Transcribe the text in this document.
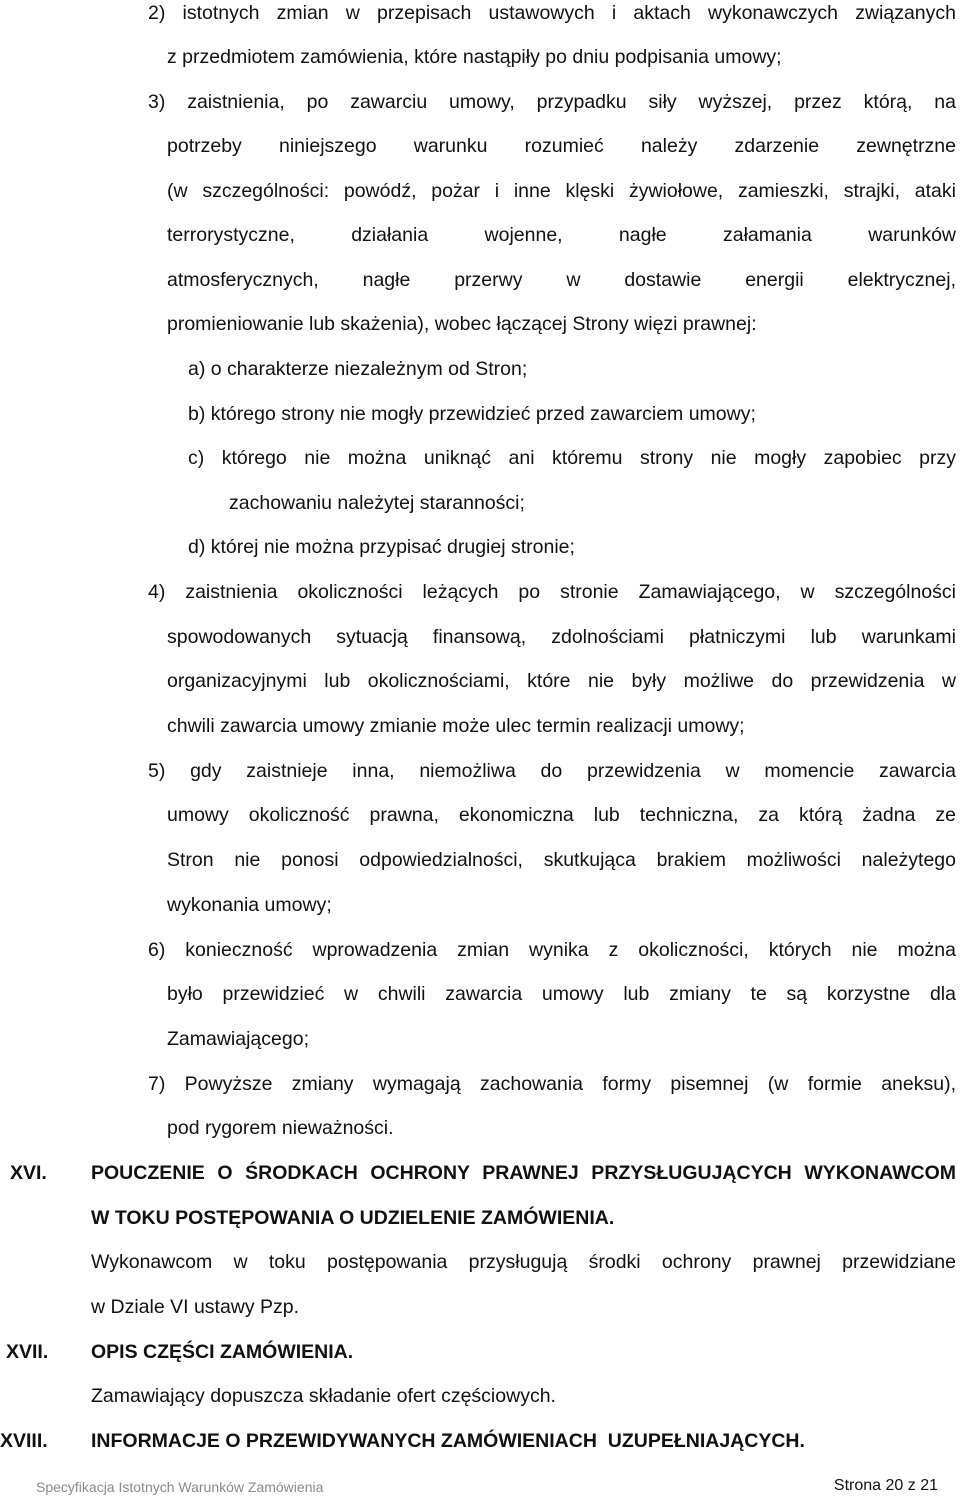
2) istotnych zmian w przepisach ustawowych i aktach wykonawczych związanych
z przedmiotem zamówienia, które nastąpiły po dniu podpisania umowy;
3) zaistnienia, po zawarciu umowy, przypadku siły wyższej, przez którą, na
potrzeby niniejszego warunku rozumieć należy zdarzenie zewnętrzne
(w szczególności: powódź, pożar i inne klęski żywiołowe, zamieszki, strajki, ataki
terrorystyczne, działania wojenne, nagłe załamania warunków
atmosferycznych, nagłe przerwy w dostawie energii elektrycznej,
promieniowanie lub skażenia), wobec łączącej Strony więzi prawnej:
a) o charakterze niezależnym od Stron;
b) którego strony nie mogły przewidzieć przed zawarciem umowy;
c) którego nie można uniknąć ani któremu strony nie mogły zapobiec przy
zachowaniu należytej staranności;
d) której nie można przypisać drugiej stronie;
4) zaistnienia okoliczności leżących po stronie Zamawiającego, w szczególności
spowodowanych sytuacją finansową, zdolnościami płatniczymi lub warunkami
organizacyjnymi lub okolicznościami, które nie były możliwe do przewidzenia w
chwili zawarcia umowy zmianie może ulec termin realizacji umowy;
5) gdy zaistnieje inna, niemożliwa do przewidzenia w momencie zawarcia
umowy okoliczność prawna, ekonomiczna lub techniczna, za którą żadna ze
Stron nie ponosi odpowiedzialności, skutkująca brakiem możliwości należytego
wykonania umowy;
6) konieczność wprowadzenia zmian wynika z okoliczności, których nie można
było przewidzieć w chwili zawarcia umowy lub zmiany te są korzystne dla
Zamawiającego;
7) Powyższe zmiany wymagają zachowania formy pisemnej (w formie aneksu),
pod rygorem nieważności.
XVI. POUCZENIE O ŚRODKACH OCHRONY PRAWNEJ PRZYSŁUGUJĄCYCH WYKONAWCOM
W TOKU POSTĘPOWANIA O UDZIELENIE ZAMÓWIENIA.
Wykonawcom w toku postępowania przysługują środki ochrony prawnej przewidziane
w Dziale VI ustawy Pzp.
XVII. OPIS CZĘŚCI ZAMÓWIENIA.
Zamawiający dopuszcza składanie ofert częściowych.
XVIII. INFORMACJE O PRZEWIDYWANYCH ZAMÓWIENIACH  UZUPEŁNIAJĄCYCH.
Specyfikacja Istotnych Warunków Zamówienia	Strona 20 z 21
